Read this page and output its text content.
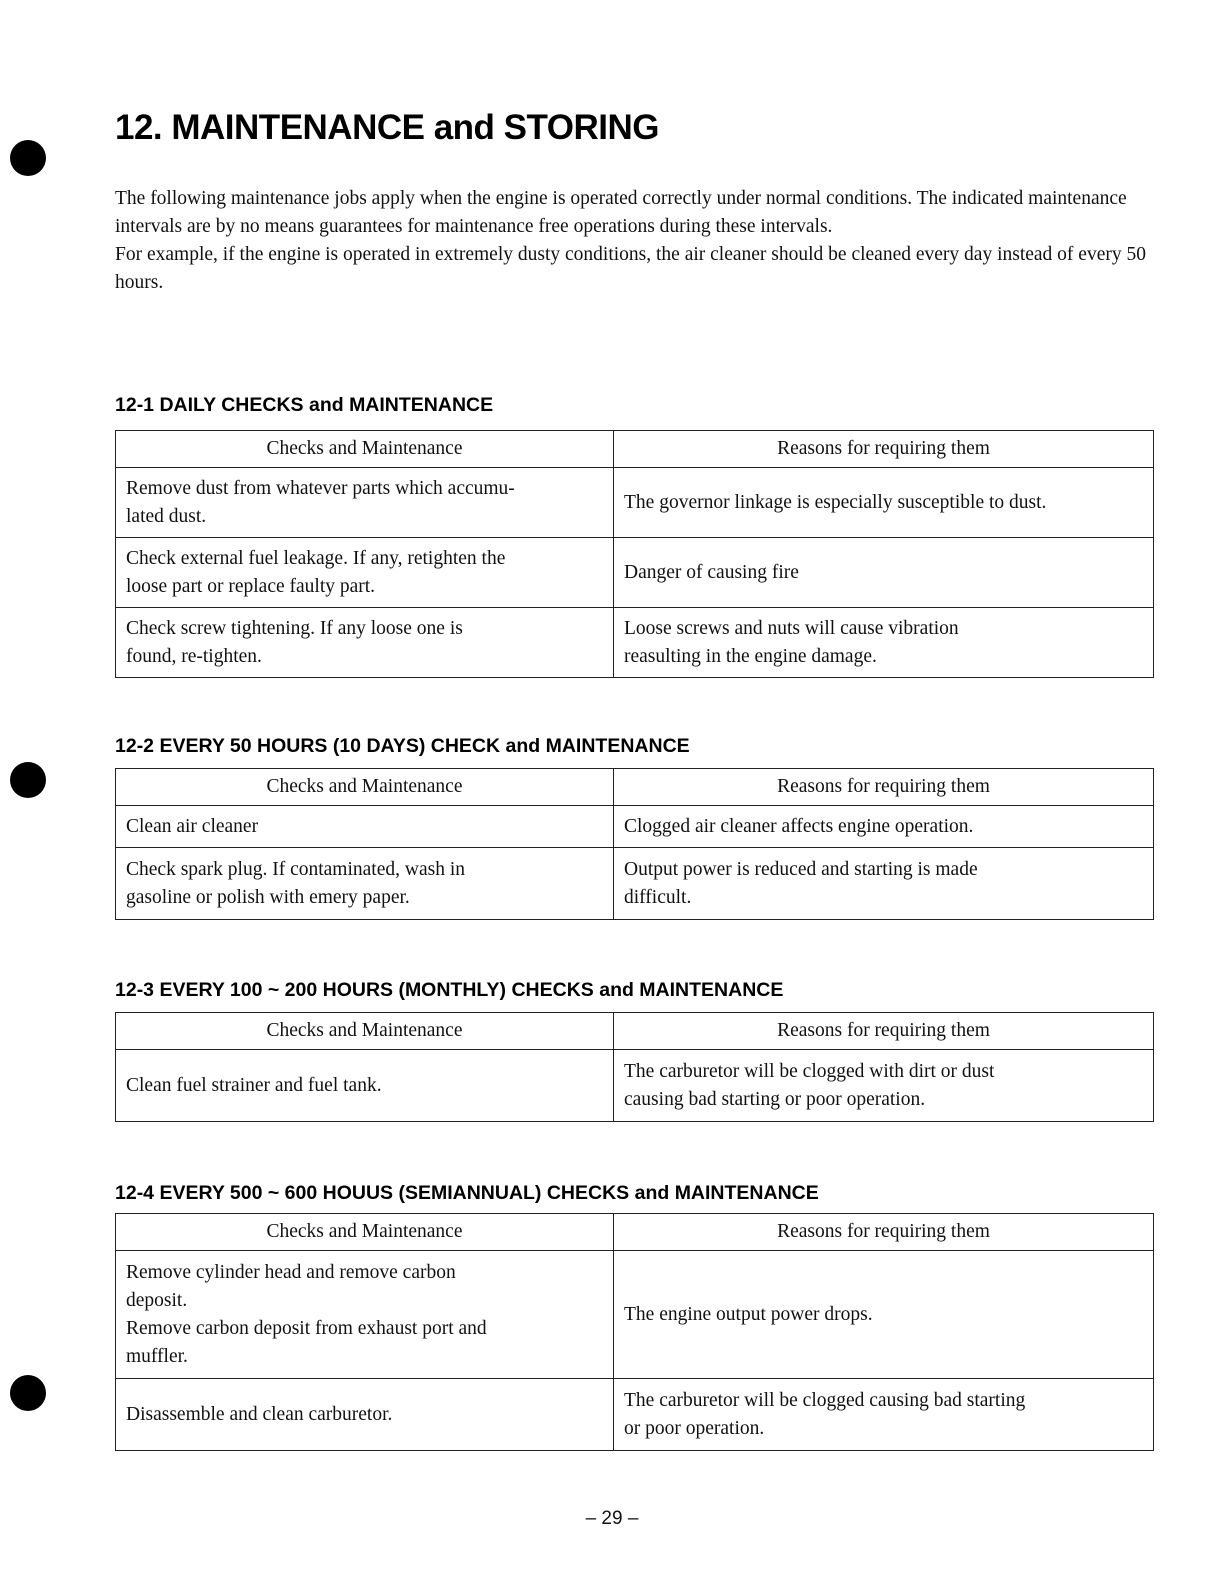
12. MAINTENANCE and STORING

The following maintenance jobs apply when the engine is operated correctly under normal conditions. The indicated maintenance intervals are by no means guarantees for maintenance free operations during these intervals.

For example, if the engine is operated in extremely dusty conditions, the air cleaner should be cleaned every day instead of every 50 hours.

12-1 DAILY CHECKS and MAINTENANCE
Checks and Maintenance	Reasons for requiring them

Remove dust from whatever parts which accumu-
lated dust.	The governor linkage is especially susceptible to dust.

Check external fuel leakage. If any, retighten the
loose part or replace faulty part.	Danger of causing fire

Check screw tightening. If any loose one is
found, re-tighten.	Loose screws and nuts will cause vibration
reasulting in the engine damage.
12-2 EVERY 50 HOURS (10 DAYS) CHECK and MAINTENANCE
Checks and Maintenance	Reasons for requiring them

Clean air cleaner	Clogged air cleaner affects engine operation.

Check spark plug. If contaminated, wash in
gasoline or polish with emery paper.	Output power is reduced and starting is made
difficult.
12-3 EVERY 100 ~ 200 HOURS (MONTHLY) CHECKS and MAINTENANCE
Checks and Maintenance	Reasons for requiring them

Clean fuel strainer and fuel tank.	The carburetor will be clogged with dirt or dust
causing bad starting or poor operation.
12-4 EVERY 500 ~ 600 HOUUS (SEMIANNUAL) CHECKS and MAINTENANCE
Checks and Maintenance	Reasons for requiring them

Remove cylinder head and remove carbon
deposit.
Remove carbon deposit from exhaust port and
muffler.	The engine output power drops.

Disassemble and clean carburetor.	The carburetor will be clogged causing bad starting
or poor operation.
– 29 –
